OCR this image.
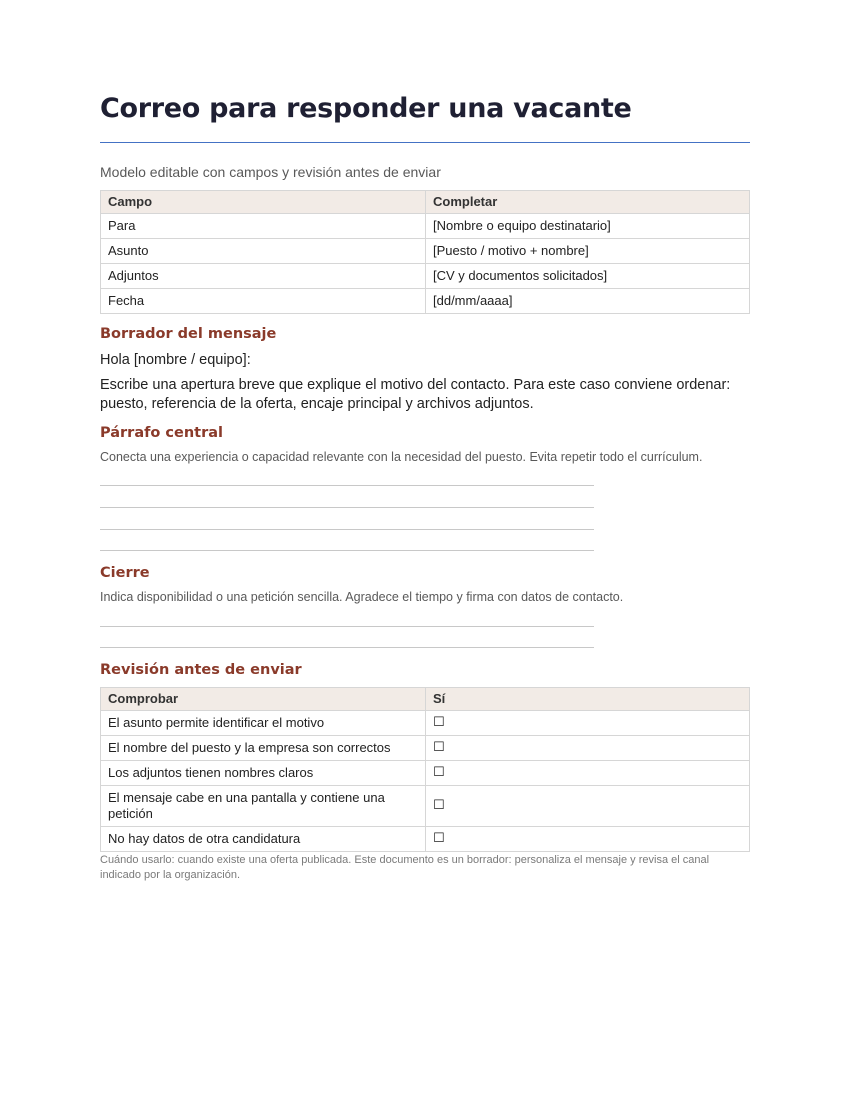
Correo para responder una vacante
Modelo editable con campos y revisión antes de enviar
Campo	Completar
Para	[Nombre o equipo destinatario]
Asunto	[Puesto / motivo + nombre]
Adjuntos	[CV y documentos solicitados]
Fecha	[dd/mm/aaaa]
Borrador del mensaje
Hola [nombre / equipo]:
Escribe una apertura breve que explique el motivo del contacto. Para este caso conviene ordenar: puesto, referencia de la oferta, encaje principal y archivos adjuntos.
Párrafo central
Conecta una experiencia o capacidad relevante con la necesidad del puesto. Evita repetir todo el currículum.
Cierre
Indica disponibilidad o una petición sencilla. Agradece el tiempo y firma con datos de contacto.
Revisión antes de enviar
Comprobar	Sí
El asunto permite identificar el motivo	☐
El nombre del puesto y la empresa son correctos	☐
Los adjuntos tienen nombres claros	☐
El mensaje cabe en una pantalla y contiene una petición	☐
No hay datos de otra candidatura	☐
Cuándo usarlo: cuando existe una oferta publicada. Este documento es un borrador: personaliza el mensaje y revisa el canal indicado por la organización.
